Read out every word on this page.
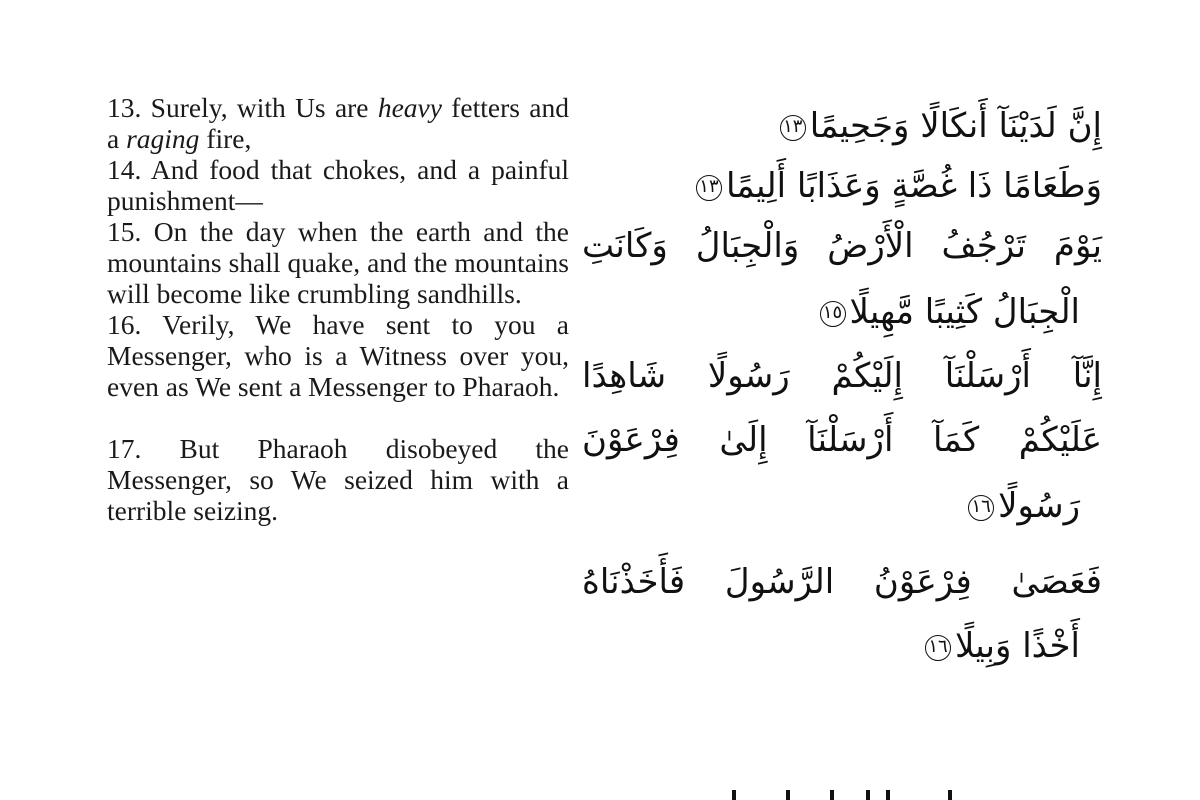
13. Surely, with Us are heavy fetters and a raging fire,

14. And food that chokes, and a painful punishment—

15. On the day when the earth and the mountains shall quake, and the mountains will become like crumbling sandhills.

16. Verily, We have sent to you a Messenger, who is a Witness over you, even as We sent a Messenger to Pharaoh.

17. But Pharaoh disobeyed the Messenger, so We seized him with a terrible seizing.

إِنَّ لَدَيْنَآ أَنكَالًا وَجَحِيمًا١٣
وَطَعَامًا ذَا غُصَّةٍ وَعَذَابًا أَلِيمًا١٣
يَوْمَ تَرْجُفُ الْأَرْضُ وَالْجِبَالُ وَكَانَتِ
الْجِبَالُ كَثِيبًا مَّهِيلًا١٥
إِنَّآ أَرْسَلْنَآ إِلَيْكُمْ رَسُولًا شَاهِدًا
عَلَيْكُمْ كَمَآ أَرْسَلْنَآ إِلَىٰ فِرْعَوْنَ
رَسُولًا١٦
فَعَصَىٰ فِرْعَوْنُ الرَّسُولَ فَأَخَذْنَاهُ
أَخْذًا وَبِيلًا١٦
